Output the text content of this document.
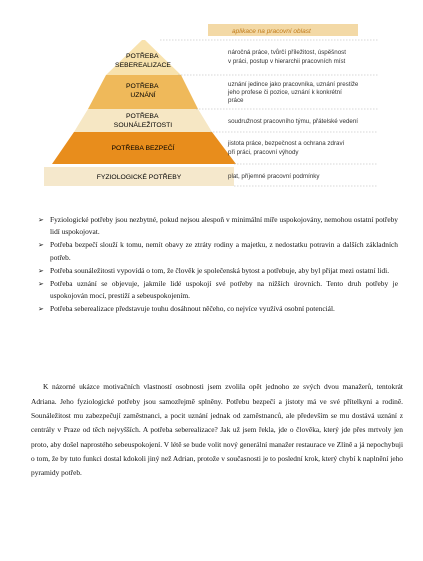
aplikace na pracovní oblast
POTŘEBA SEBEREALIZACE
POTŘEBA UZNÁNÍ
POTŘEBA SOUNÁLEŽITOSTI
POTŘEBA BEZPEČÍ
FYZIOLOGICKÉ POTŘEBY
náročná práce, tvůrčí příležitost, úspěšnost v práci, postup v hierarchii pracovních míst
uznání jedince jako pracovníka, uznání prestiže jeho profese či pozice, uznání k konkrétní práce
soudružnost pracovního týmu, přátelské vedení
jistota práce, bezpečnost a ochrana zdraví při práci, pracovní výhody
plat, příjemné pracovní podmínky
➢ Fyziologické potřeby jsou nezbytné, pokud nejsou alespoň v minimální míře uspokojovány, nemohou ostatní potřeby lidí uspokojovat.
➢ Potřeba bezpečí slouží k tomu, nemít obavy ze ztráty rodiny a majetku, z nedostatku potravin a dalších základních potřeb.
➢ Potřeba sounáležitosti vypovídá o tom, že člověk je společenská bytost a potřebuje, aby byl přijat mezi ostatní lidi.
➢ Potřeba uznání se objevuje, jakmile lidé uspokojí své potřeby na nižších úrovních. Tento druh potřeby je uspokojován mocí, prestiží a sebeuspokojením.
➢ Potřeba seberealizace představuje touhu dosáhnout něčeho, co nejvíce využívá osobní potenciál.

K názorné ukázce motivačních vlastností osobnosti jsem zvolila opět jednoho ze svých dvou manažerů, tentokrát Adriana. Jeho fyziologické potřeby jsou samozřejmě splněny. Potřebu bezpečí a jistoty má ve své přítelkyni a rodině. Sounáležitost mu zabezpečují zaměstnanci, a pocit uznání jednak od zaměstnanců, ale především se mu dostává uznání z centrály v Praze od těch nejvyšších. A potřeba seberealizace? Jak už jsem řekla, jde o člověka, který jde přes mrtvoly jen proto, aby došel naprostého sebeuspokojení. V létě se bude volit nový generální manažer restaurace ve Zlíně a já nepochybuji o tom, že by tuto funkci dostal kdokoli jiný než Adrian, protože v současnosti je to poslední krok, který chybí k naplnění jeho pyramidy potřeb.
